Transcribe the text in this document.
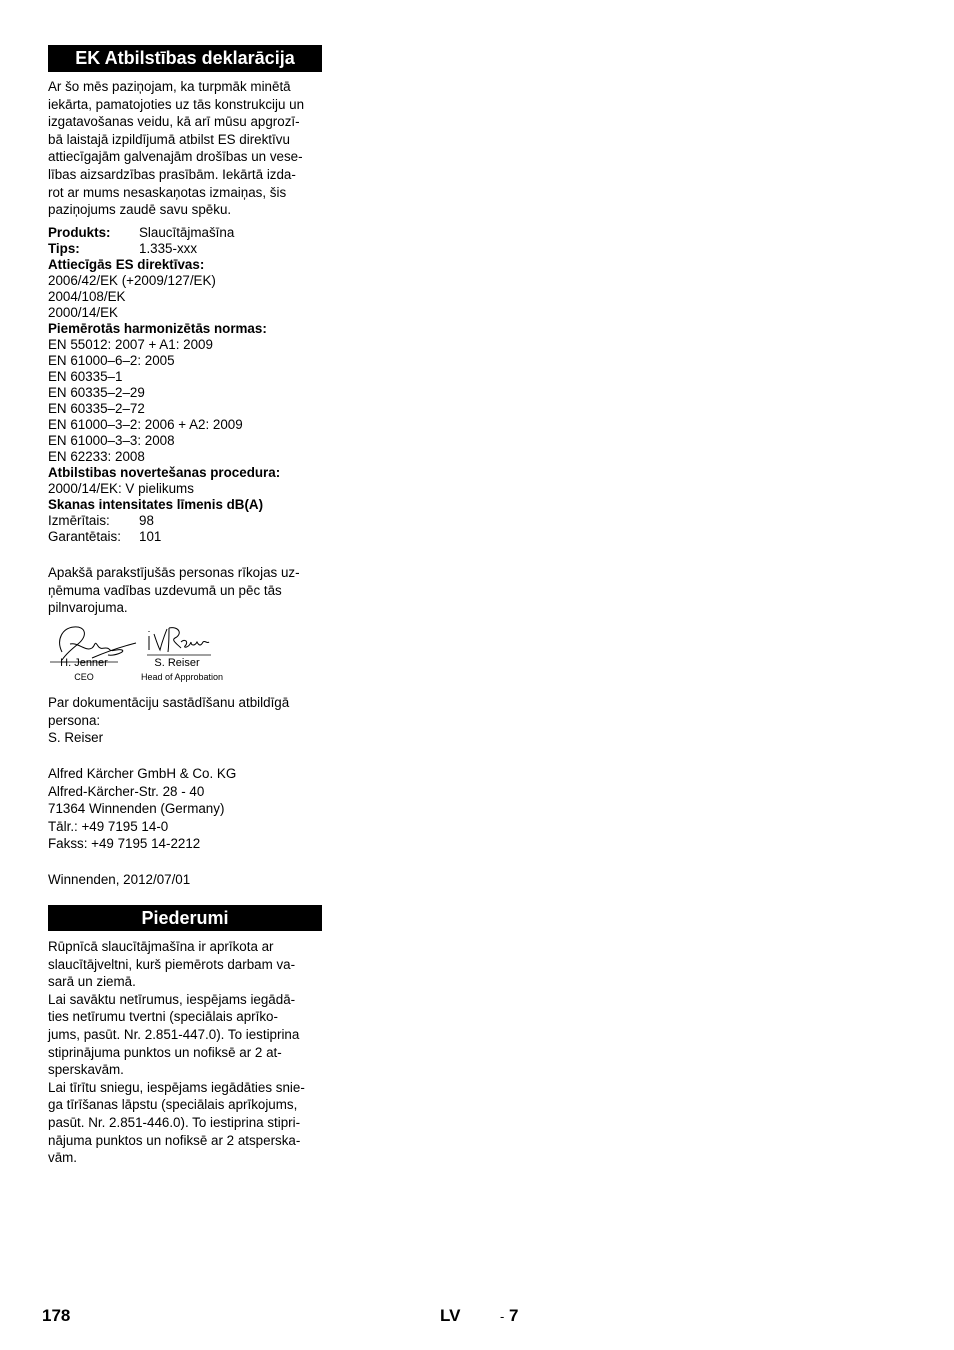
EK Atbilstības deklarācija
Ar šo mēs paziņojam, ka turpmāk minētā
iekārta, pamatojoties uz tās konstrukciju un
izgatavošanas veidu, kā arī mūsu apgrozī-
bā laistajā izpildījumā atbilst ES direktīvu
attiecīgajām galvenajām drošības un vese-
lības aizsardzības prasībām. Iekārtā izda-
rot ar mums nesaskaņotas izmaiņas, šis
paziņojums zaudē savu spēku.
Produkts:	Slaucītājmašīna
Tips:	1.335-xxx
Attiecīgās ES direktīvas:
2006/42/EK (+2009/127/EK)
2004/108/EK
2000/14/EK
Piemērotās harmonizētās normas:
EN 55012: 2007 + A1: 2009
EN 61000–6–2: 2005
EN 60335–1
EN 60335–2–29
EN 60335–2–72
EN 61000–3–2: 2006 + A2: 2009
EN 61000–3–3: 2008
EN 62233: 2008
Atbilstibas novertešanas procedura:
2000/14/EK: V pielikums
Skanas intensitates līmenis dB(A)
Izmērītais:	98
Garantētais:	101
Apakšā parakstījušās personas rīkojas uz-
ņēmuma vadības uzdevumā un pēc tās
pilnvarojuma.
H. Jenner
CEO
S. Reiser
Head of Approbation
Par dokumentāciju sastādīšanu atbildīgā
persona:
S. Reiser
Alfred Kärcher GmbH & Co. KG
Alfred-Kärcher-Str. 28 - 40
71364 Winnenden (Germany)
Tālr.: +49 7195 14-0
Fakss: +49 7195 14-2212
Winnenden, 2012/07/01
Piederumi
Rūpnīcā slaucītājmašīna ir aprīkota ar
slaucītājveltni, kurš piemērots darbam va-
sarā un ziemā.
Lai savāktu netīrumus, iespējams iegādā-
ties netīrumu tvertni (speciālais aprīko-
jums, pasūt. Nr. 2.851-447.0). To iestiprina
stiprinājuma punktos un nofiksē ar 2 at-
sperskavām.
Lai tīrītu sniegu, iespējams iegādāties snie-
ga tīrīšanas lāpstu (speciālais aprīkojums,
pasūt. Nr. 2.851-446.0). To iestiprina stipri-
nājuma punktos un nofiksē ar 2 atsperska-
vām.
178	LV	- 7
